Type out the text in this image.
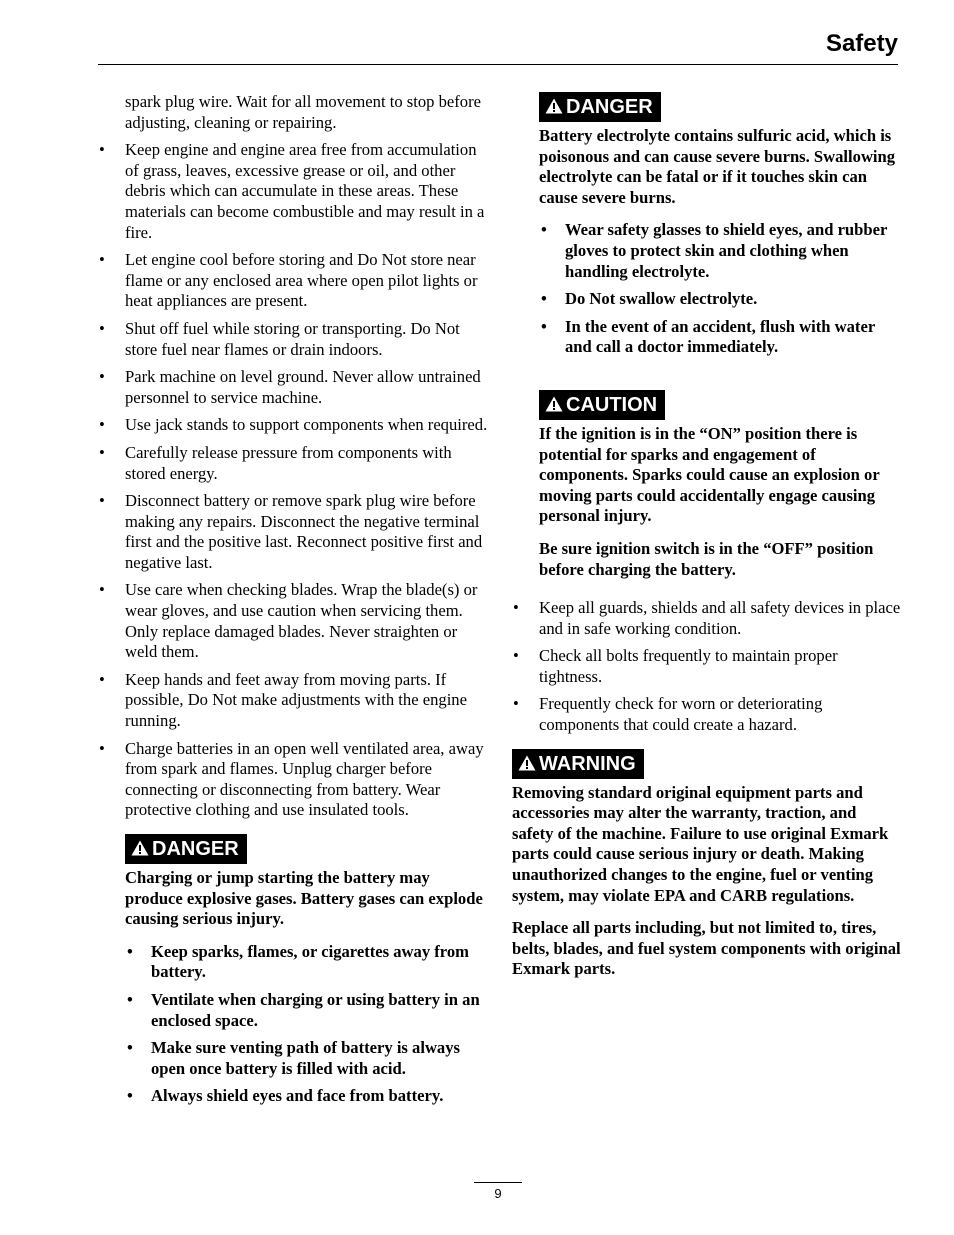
Safety

spark plug wire. Wait for all movement to stop before adjusting, cleaning or repairing.

• Keep engine and engine area free from accumulation of grass, leaves, excessive grease or oil, and other debris which can accumulate in these areas. These materials can become combustible and may result in a fire.
• Let engine cool before storing and Do Not store near flame or any enclosed area where open pilot lights or heat appliances are present.
• Shut off fuel while storing or transporting. Do Not store fuel near flames or drain indoors.
• Park machine on level ground. Never allow untrained personnel to service machine.
• Use jack stands to support components when required.
• Carefully release pressure from components with stored energy.
• Disconnect battery or remove spark plug wire before making any repairs. Disconnect the negative terminal first and the positive last. Reconnect positive first and negative last.
• Use care when checking blades. Wrap the blade(s) or wear gloves, and use caution when servicing them. Only replace damaged blades. Never straighten or weld them.
• Keep hands and feet away from moving parts. If possible, Do Not make adjustments with the engine running.
• Charge batteries in an open well ventilated area, away from spark and flames. Unplug charger before connecting or disconnecting from battery. Wear protective clothing and use insulated tools.
DANGER

Charging or jump starting the battery may produce explosive gases. Battery gases can explode causing serious injury.

• Keep sparks, flames, or cigarettes away from battery.
• Ventilate when charging or using battery in an enclosed space.
• Make sure venting path of battery is always open once battery is filled with acid.
• Always shield eyes and face from battery.
DANGER

Battery electrolyte contains sulfuric acid, which is poisonous and can cause severe burns. Swallowing electrolyte can be fatal or if it touches skin can cause severe burns.

• Wear safety glasses to shield eyes, and rubber gloves to protect skin and clothing when handling electrolyte.
• Do Not swallow electrolyte.
• In the event of an accident, flush with water and call a doctor immediately.
CAUTION

If the ignition is in the “ON” position there is potential for sparks and engagement of components. Sparks could cause an explosion or moving parts could accidentally engage causing personal injury.

Be sure ignition switch is in the “OFF” position before charging the battery.

• Keep all guards, shields and all safety devices in place and in safe working condition.
• Check all bolts frequently to maintain proper tightness.
• Frequently check for worn or deteriorating components that could create a hazard.
WARNING

Removing standard original equipment parts and accessories may alter the warranty, traction, and safety of the machine. Failure to use original Exmark parts could cause serious injury or death. Making unauthorized changes to the engine, fuel or venting system, may violate EPA and CARB regulations.

Replace all parts including, but not limited to, tires, belts, blades, and fuel system components with original Exmark parts.

9
